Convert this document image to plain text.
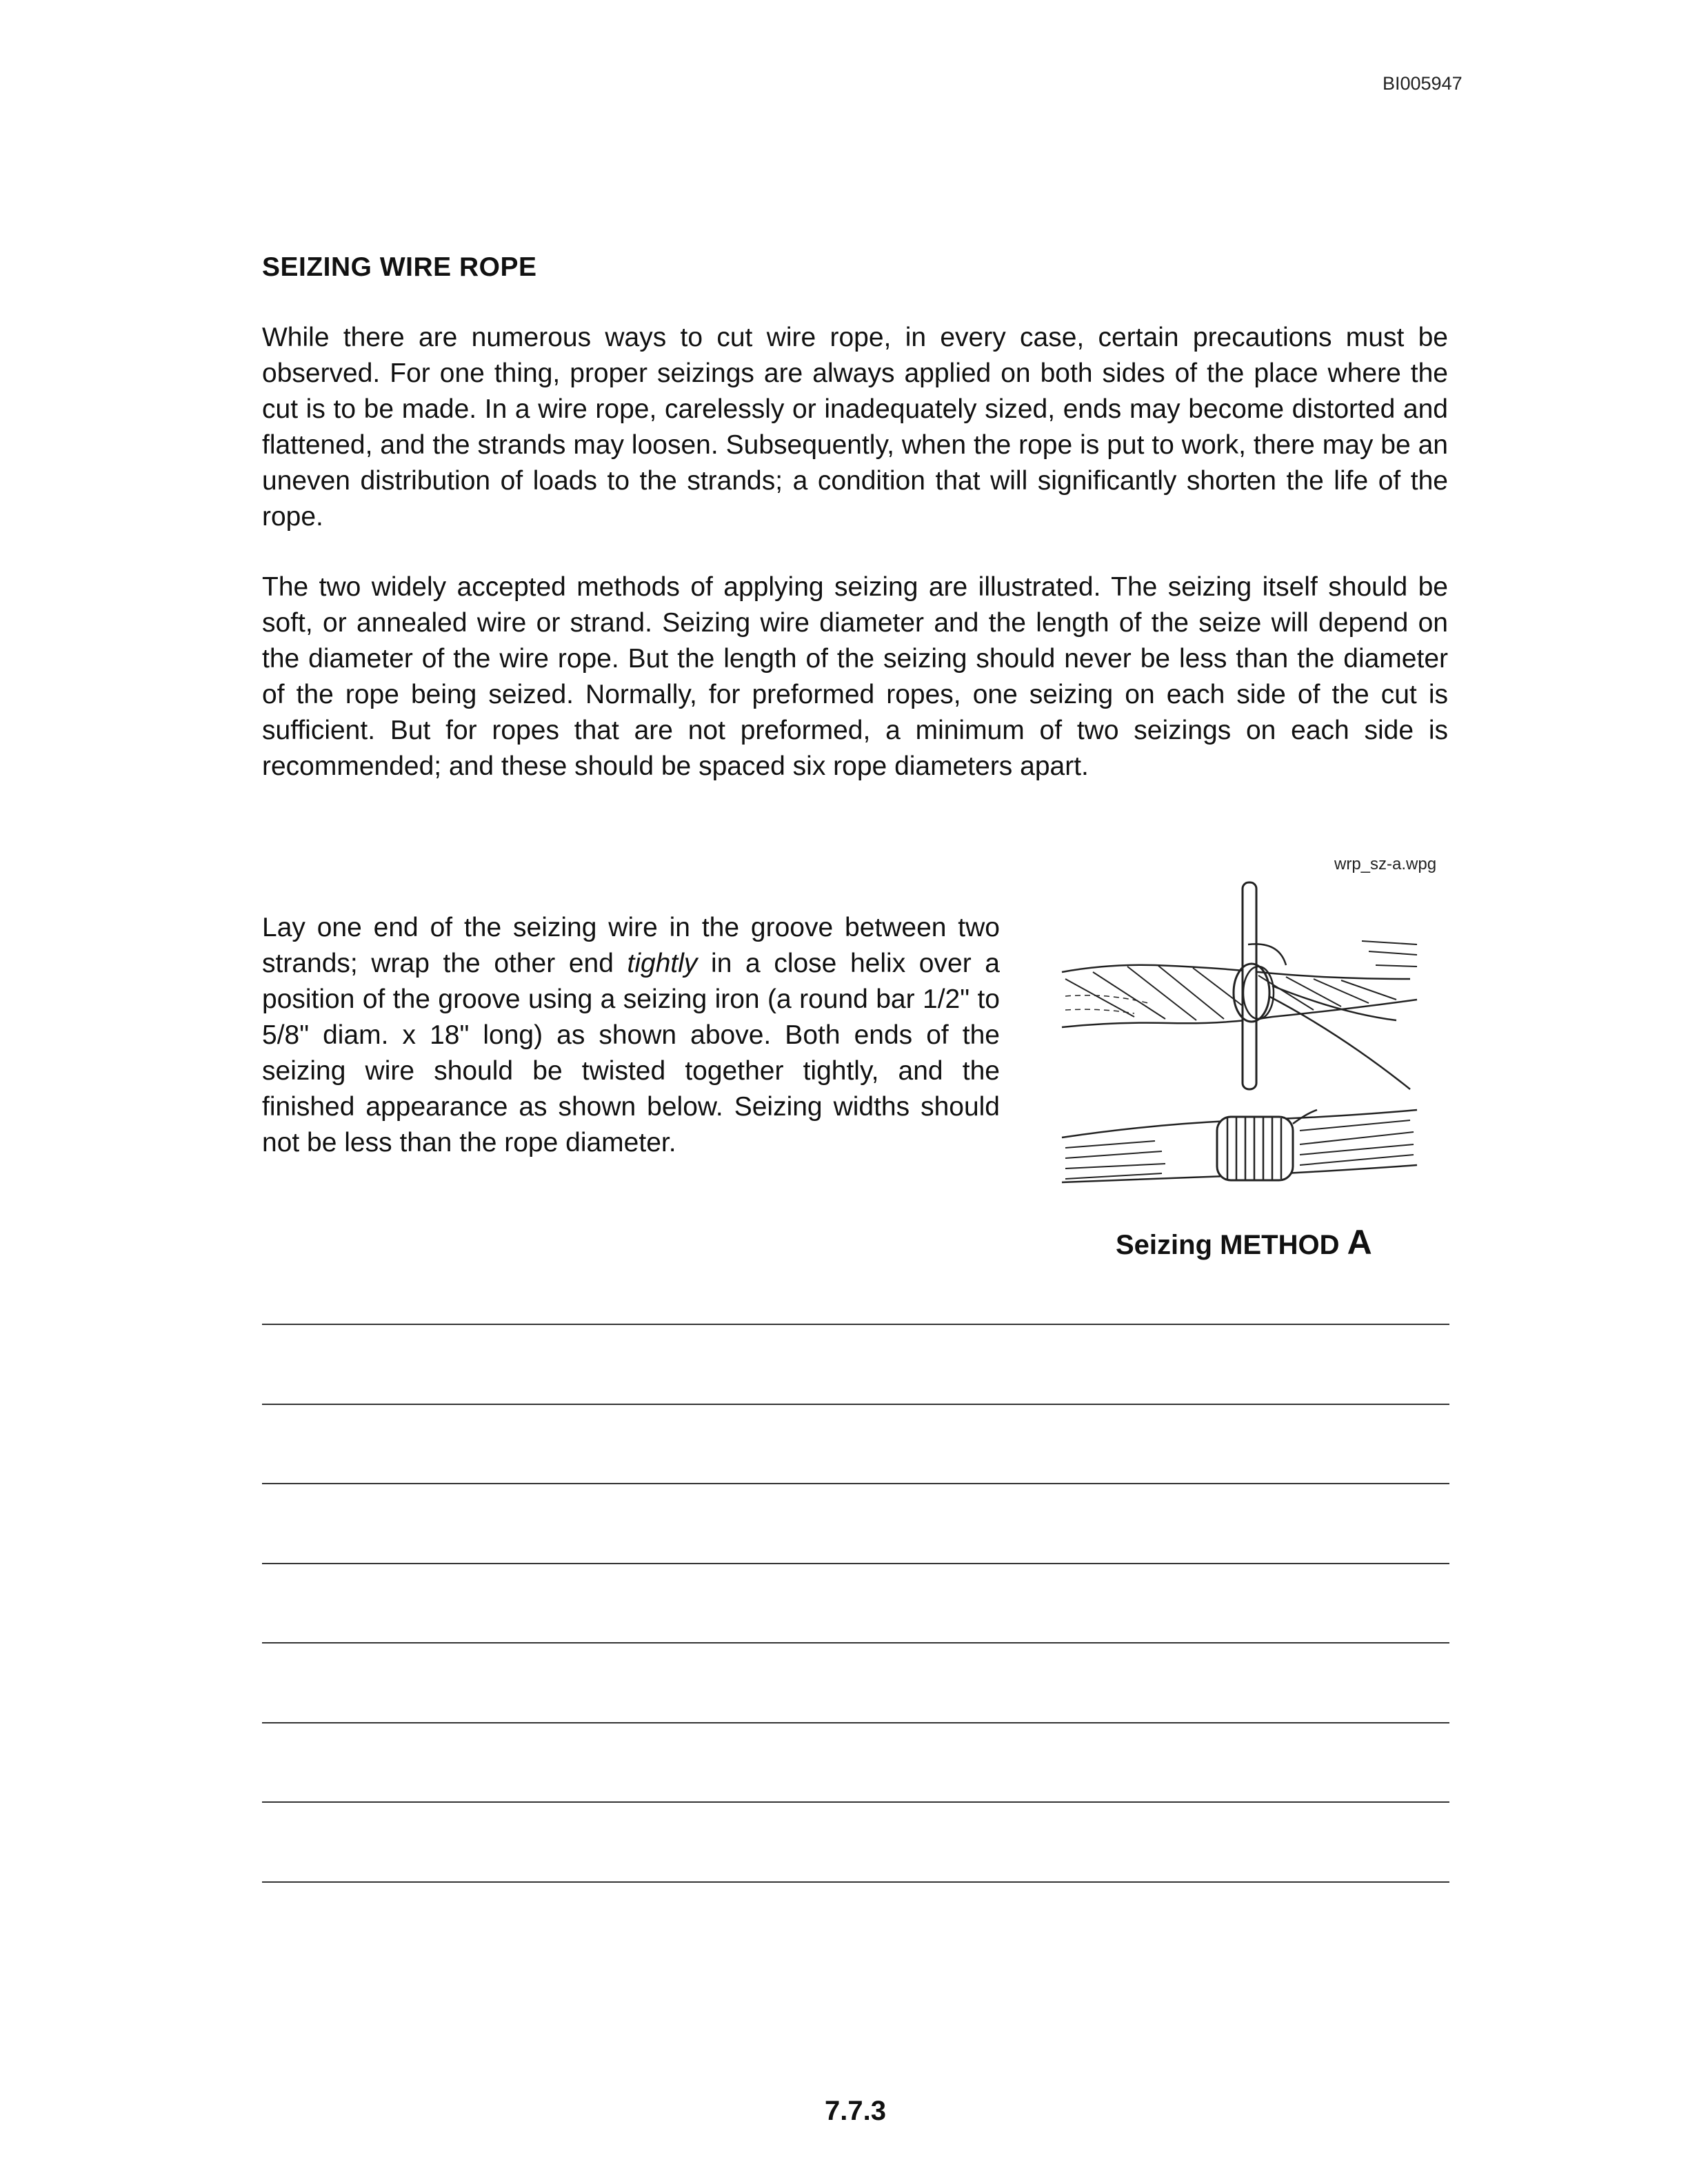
BI005947
SEIZING WIRE ROPE

While there are numerous ways to cut wire rope, in every case, certain precautions must be observed. For one thing, proper seizings are always applied on both sides of the place where the cut is to be made. In a wire rope, carelessly or inadequately sized, ends may become distorted and flattened, and the strands may loosen. Subsequently, when the rope is put to work, there may be an uneven distribution of loads to the strands; a condition that will significantly shorten the life of the rope.

The two widely accepted methods of applying seizing are illustrated. The seizing itself should be soft, or annealed wire or strand. Seizing wire diameter and the length of the seize will depend on the diameter of the wire rope. But the length of the seizing should never be less than the diameter of the rope being seized. Normally, for preformed ropes, one seizing on each side of the cut is sufficient. But for ropes that are not preformed, a minimum of two seizings on each side is recommended; and these should be spaced six rope diameters apart.

Lay one end of the seizing wire in the groove between two strands; wrap the other end tightly in a close helix over a position of the groove using a seizing iron (a round bar 1/2" to 5/8" diam. x 18" long) as shown above. Both ends of the seizing wire should be twisted together tightly, and the finished appearance as shown below. Seizing widths should not be less than the rope diameter.

wrp_sz-a.wpg
Seizing METHOD A
7.7.3
